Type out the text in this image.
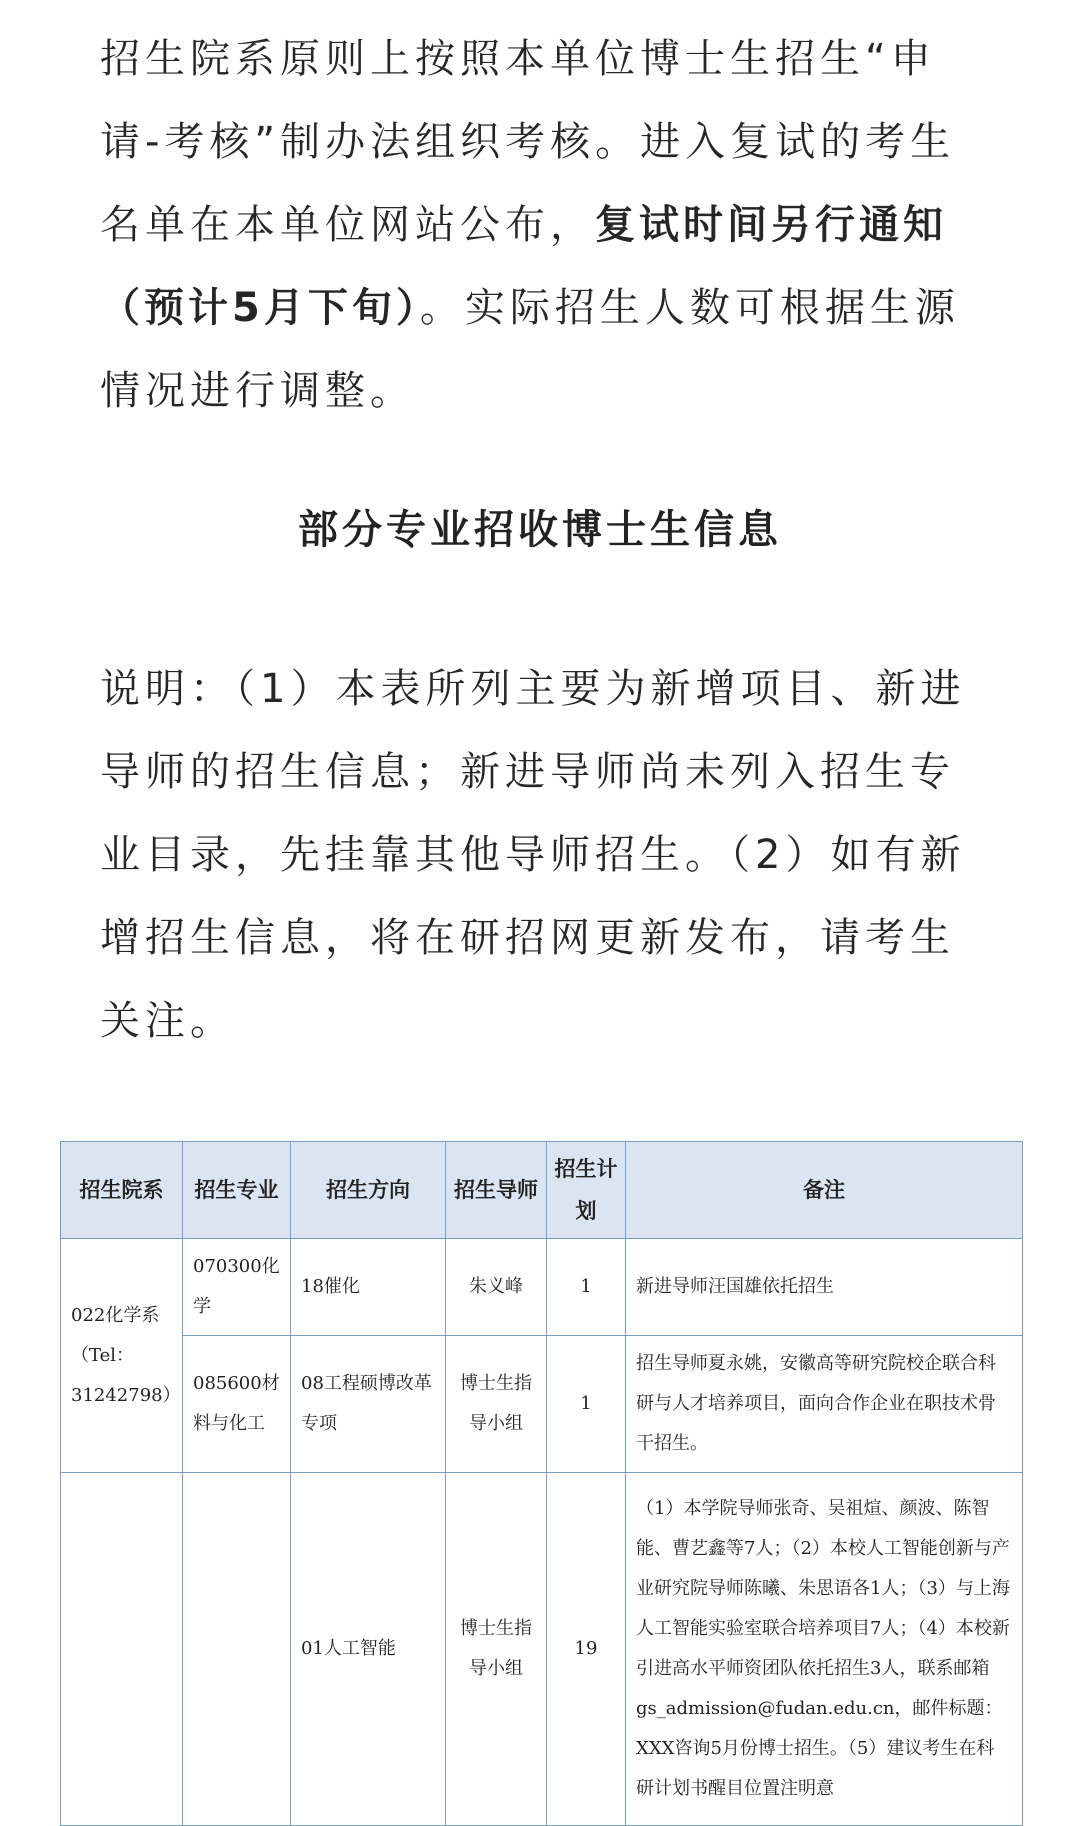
招生院系原则上按照本单位博士生招生“申请-考核”制办法组织考核。进入复试的考生名单在本单位网站公布，复试时间另行通知（预计5月下旬）。实际招生人数可根据生源情况进行调整。

部分专业招收博士生信息

说明：（1）本表所列主要为新增项目、新进导师的招生信息；新进导师尚未列入招生专业目录，先挂靠其他导师招生。（2）如有新增招生信息，将在研招网更新发布，请考生关注。

招生院系	招生专业	招生方向	招生导师	招生计划	备注
022化学系（Tel：31242798）	070300化学	18催化	朱义峰	1	新进导师汪国雄依托招生
	085600材料与化工	08工程硕博改革专项	博士生指导小组	1	招生导师夏永姚，安徽高等研究院校企联合科研与人才培养项目，面向合作企业在职技术骨干招生。
		01人工智能	博士生指导小组	19	（1）本学院导师张奇、吴祖煊、颜波、陈智能、曹艺鑫等7人；（2）本校人工智能创新与产业研究院导师陈曦、朱思语各1人；（3）与上海人工智能实验室联合培养项目7人；（4）本校新引进高水平师资团队依托招生3人，联系邮箱gs_admission@fudan.edu.cn，邮件标题：XXX咨询5月份博士招生。（5）建议考生在科研计划书醒目位置注明意
